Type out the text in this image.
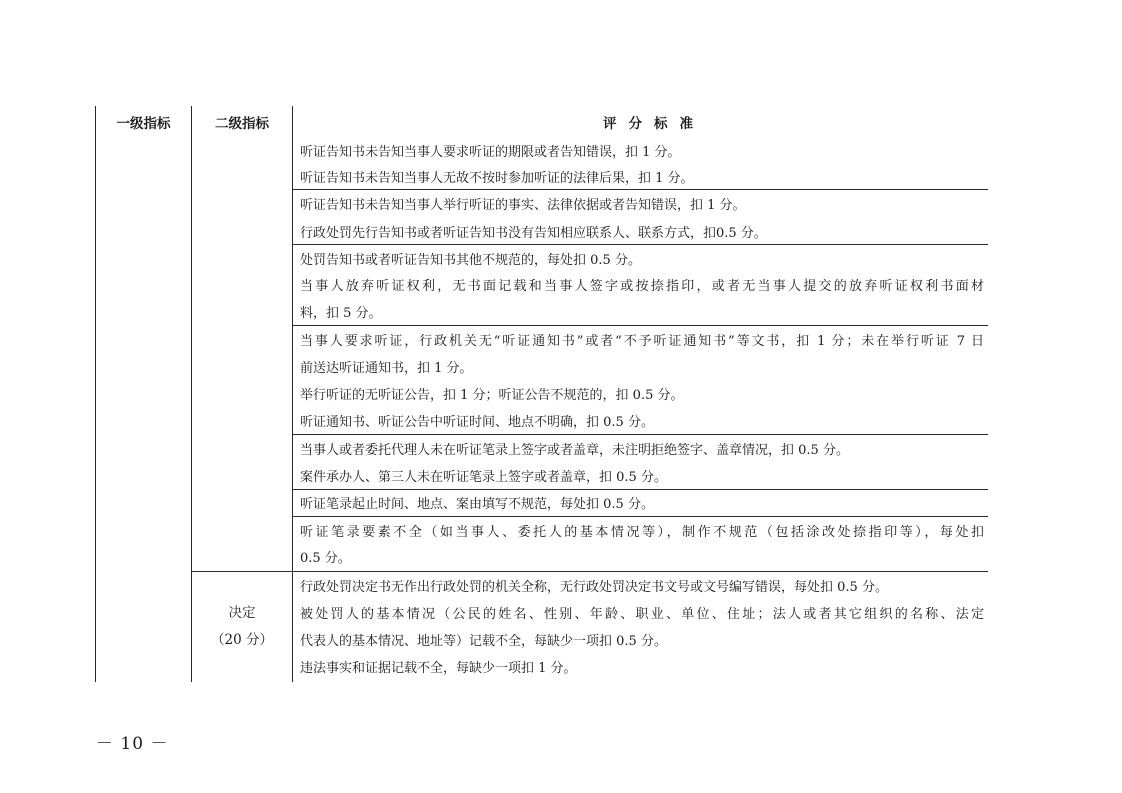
一级指标	二级指标	评分标准
听证告知书未告知当事人要求听证的期限或者告知错误，扣 1 分。
听证告知书未告知当事人无故不按时参加听证的法律后果，扣 1 分。
听证告知书未告知当事人举行听证的事实、法律依据或者告知错误，扣 1 分。
行政处罚先行告知书或者听证告知书没有告知相应联系人、联系方式，扣0.5 分。
处罚告知书或者听证告知书其他不规范的，每处扣 0.5 分。
当事人放弃听证权利，无书面记载和当事人签字或按捺指印，或者无当事人提交的放弃听证权利书面材
料，扣 5 分。
当事人要求听证，行政机关无“听证通知书”或者“不予听证通知书”等文书，扣 1 分；未在举行听证 7 日
前送达听证通知书，扣 1 分。
举行听证的无听证公告，扣 1 分；听证公告不规范的，扣 0.5 分。
听证通知书、听证公告中听证时间、地点不明确，扣 0.5 分。
当事人或者委托代理人未在听证笔录上签字或者盖章，未注明拒绝签字、盖章情况，扣 0.5 分。
案件承办人、第三人未在听证笔录上签字或者盖章，扣 0.5 分。
听证笔录起止时间、地点、案由填写不规范，每处扣 0.5 分。
听证笔录要素不全（如当事人、委托人的基本情况等），制作不规范（包括涂改处捺指印等），每处扣
0.5 分。
行政处罚决定书无作出行政处罚的机关全称，无行政处罚决定书文号或文号编写错误，每处扣 0.5 分。
被处罚人的基本情况（公民的姓名、性别、年龄、职业、单位、住址；法人或者其它组织的名称、法定
代表人的基本情况、地址等）记载不全，每缺少一项扣 0.5 分。
违法事实和证据记载不全，每缺少一项扣 1 分。
决定
（20 分）
－ 10 －
